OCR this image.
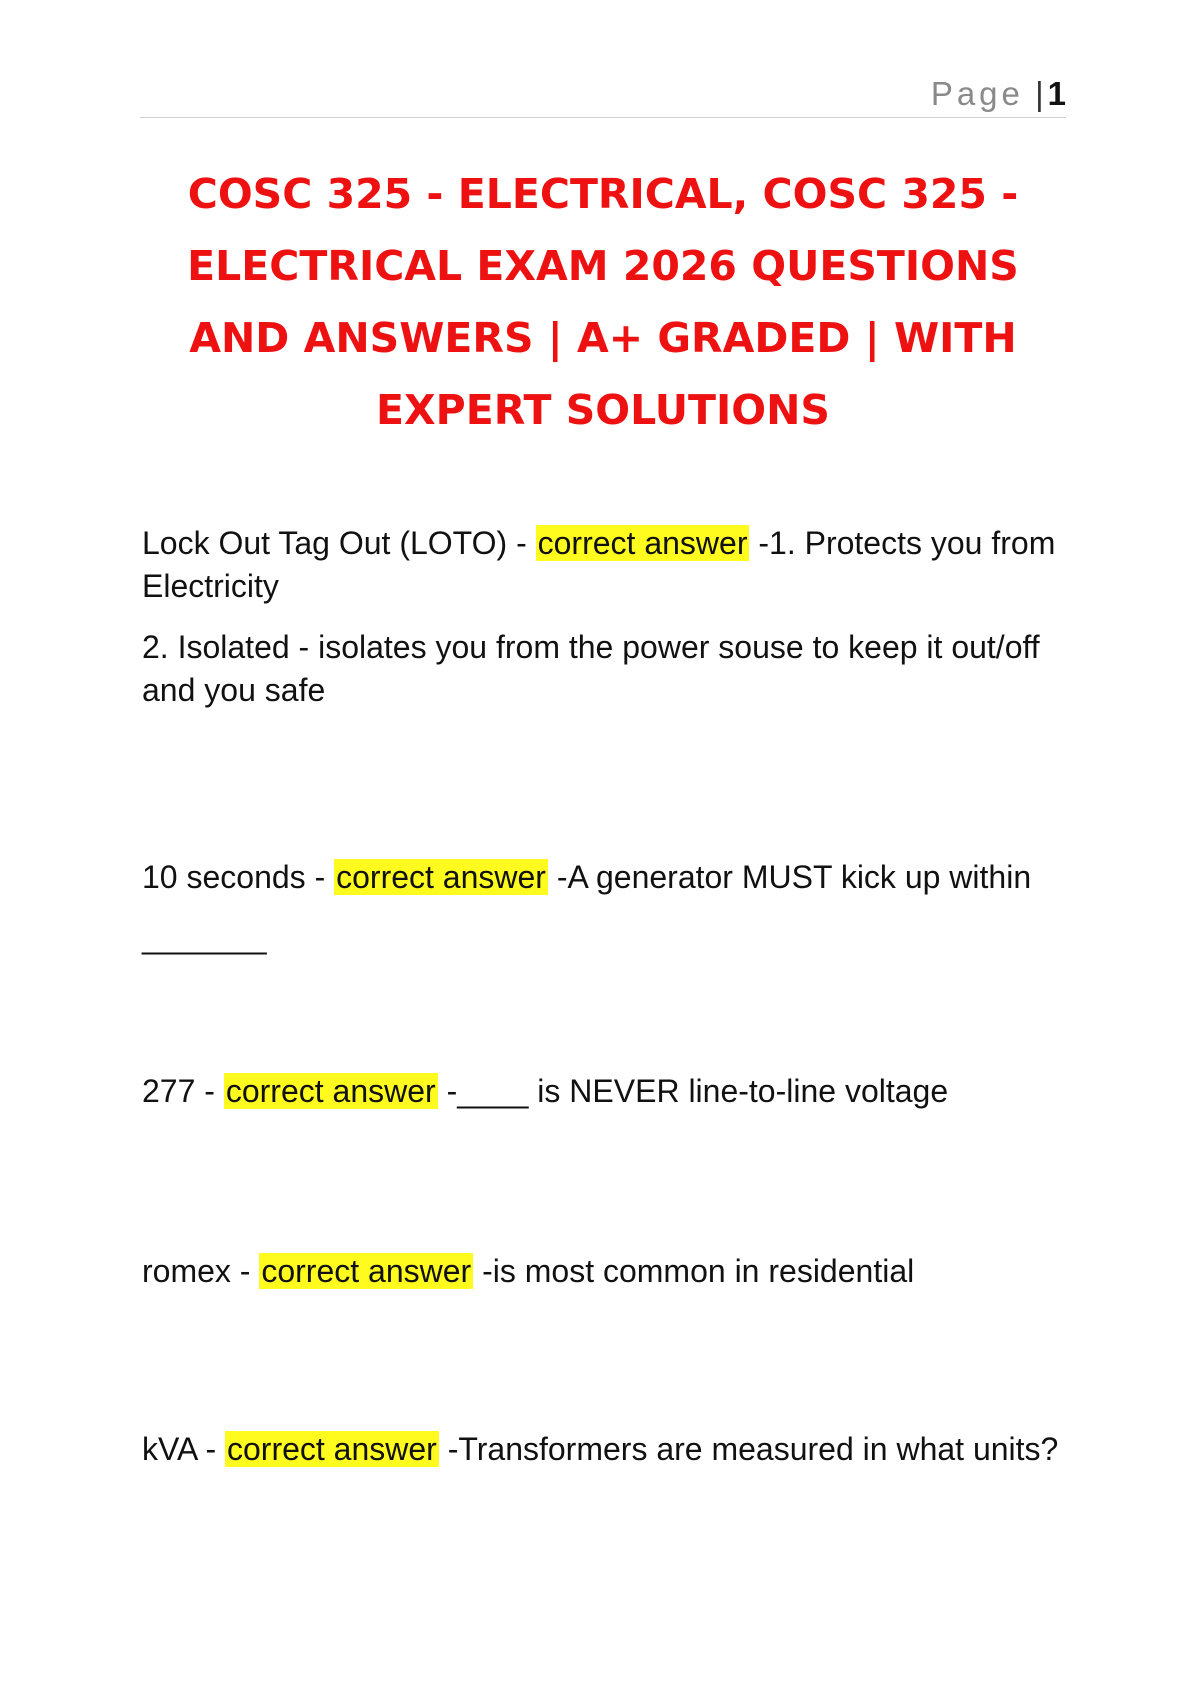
Page | 1
COSC 325 - ELECTRICAL, COSC 325 - ELECTRICAL EXAM 2026 QUESTIONS AND ANSWERS | A+ GRADED | WITH EXPERT SOLUTIONS

Lock Out Tag Out (LOTO) - correct answer -1. Protects you from Electricity

2. Isolated - isolates you from the power souse to keep it out/off and you safe

10 seconds - correct answer -A generator MUST kick up within _______

277 - correct answer -____ is NEVER line-to-line voltage

romex - correct answer -is most common in residential

kVA - correct answer -Transformers are measured in what units?
